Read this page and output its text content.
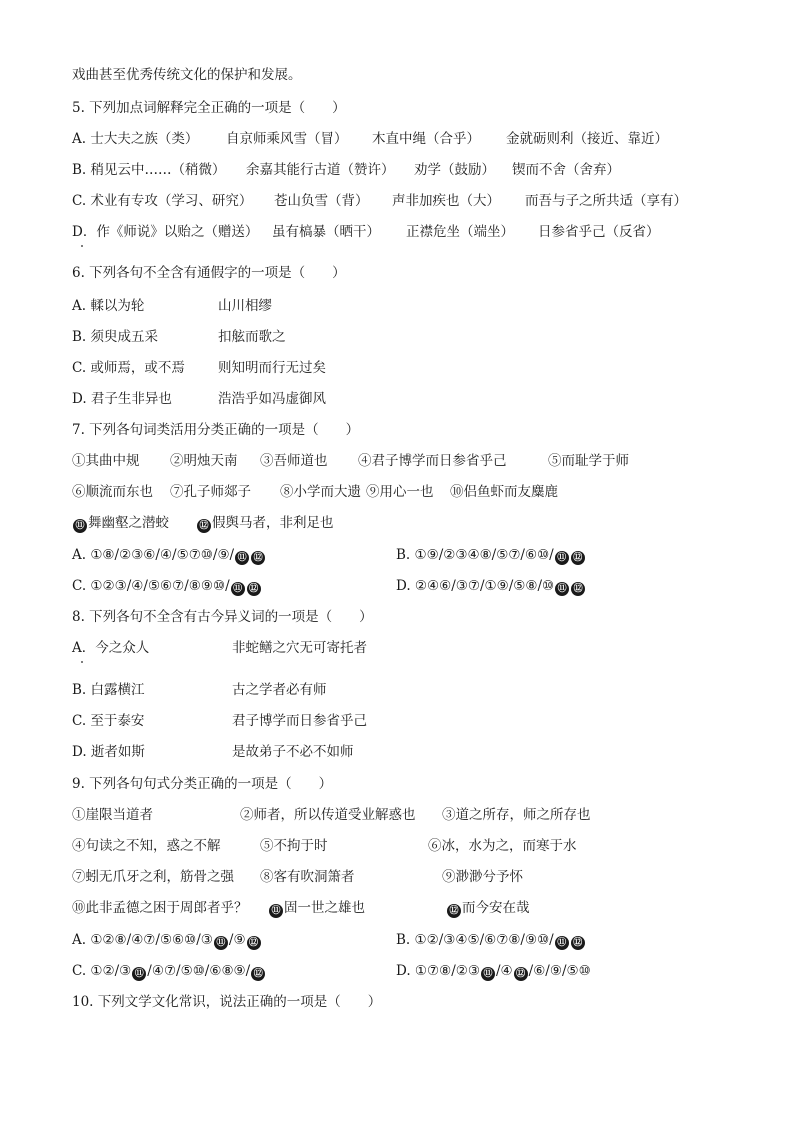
戏曲甚至优秀传统文化的保护和发展。
5. 下列加点词解释完全正确的一项是（　　）
A. 士大夫之族（类） 自京师乘风雪（冒） 木直中绳（合乎） 金就砺则利（接近、靠近）
B. 稍见云中……（稍微） 余嘉其能行古道（赞许） 劝学（鼓励） 锲而不舍（舍弃）
C. 术业有专攻（学习、研究） 苍山负雪（背） 声非加疾也（大） 而吾与子之所共适（享有）
D．作《师说》以贻之（赠送） 虽有槁暴（晒干） 正襟危坐（端坐） 日参省乎己（反省）
6. 下列各句不全含有通假字的一项是（　　）
A. 輮以为轮	山川相缪
B. 须臾成五采	扣舷而歌之
C. 或师焉，或不焉 则知明而行无过矣
D. 君子生非异也	浩浩乎如冯虚御风
7. 下列各句词类活用分类正确的一项是（　　）
①其曲中规 ②明烛天南 ③吾师道也 ④君子博学而日参省乎己	⑤而耻学于师
⑥顺流而东也 ⑦孔子师郯子 ⑧小学而大遗 ⑨用心一也 ⑩侣鱼虾而友麋鹿
⑪ 舞幽壑之潜蛟	⑫ 假舆马者，非利足也
A. ①⑧/②③⑥/④/⑤⑦⑩/⑨/ ⑪ ⑫	B. ①⑨/②③④⑧/⑤⑦/⑥⑩/ ⑪ ⑫
C. ①②③/④/⑤⑥⑦/⑧⑨⑩/ ⑪ ⑫	D. ②④⑥/③⑦/①⑨/⑤⑧/⑩ ⑪ ⑫
8. 下列各句不全含有古今异义词的一项是（　　）
A．今之众人	非蛇鳝之穴无可寄托者
B. 白露横江	古之学者必有师
C. 至于泰安	君子博学而日参省乎己
D. 逝者如斯	是故弟子不必不如师
9. 下列各句句式分类正确的一项是（　　）
①崖限当道者	②师者，所以传道受业解惑也 ③道之所存，师之所存也
④句读之不知，惑之不解	⑤不拘于时	⑥冰，水为之，而寒于水
⑦蚓无爪牙之利，筋骨之强 ⑧客有吹洞箫者	⑨渺渺兮予怀
⑩此非孟德之困于周郎者乎？	⑪ 固一世之雄也	⑫ 而今安在哉
A. ①②⑧/④⑦/⑤⑥⑩/③ ⑪ /⑨ ⑫	B. ①②/③④⑤/⑥⑦⑧/⑨⑩/ ⑪ ⑫
C. ①②/③ ⑪ /④⑦/⑤⑩/⑥⑧⑨/ ⑫	D. ①⑦⑧/②③ ⑪ /④ ⑫ /⑥/⑨/⑤⑩
10. 下列文学文化常识，说法正确的一项是（　　）
